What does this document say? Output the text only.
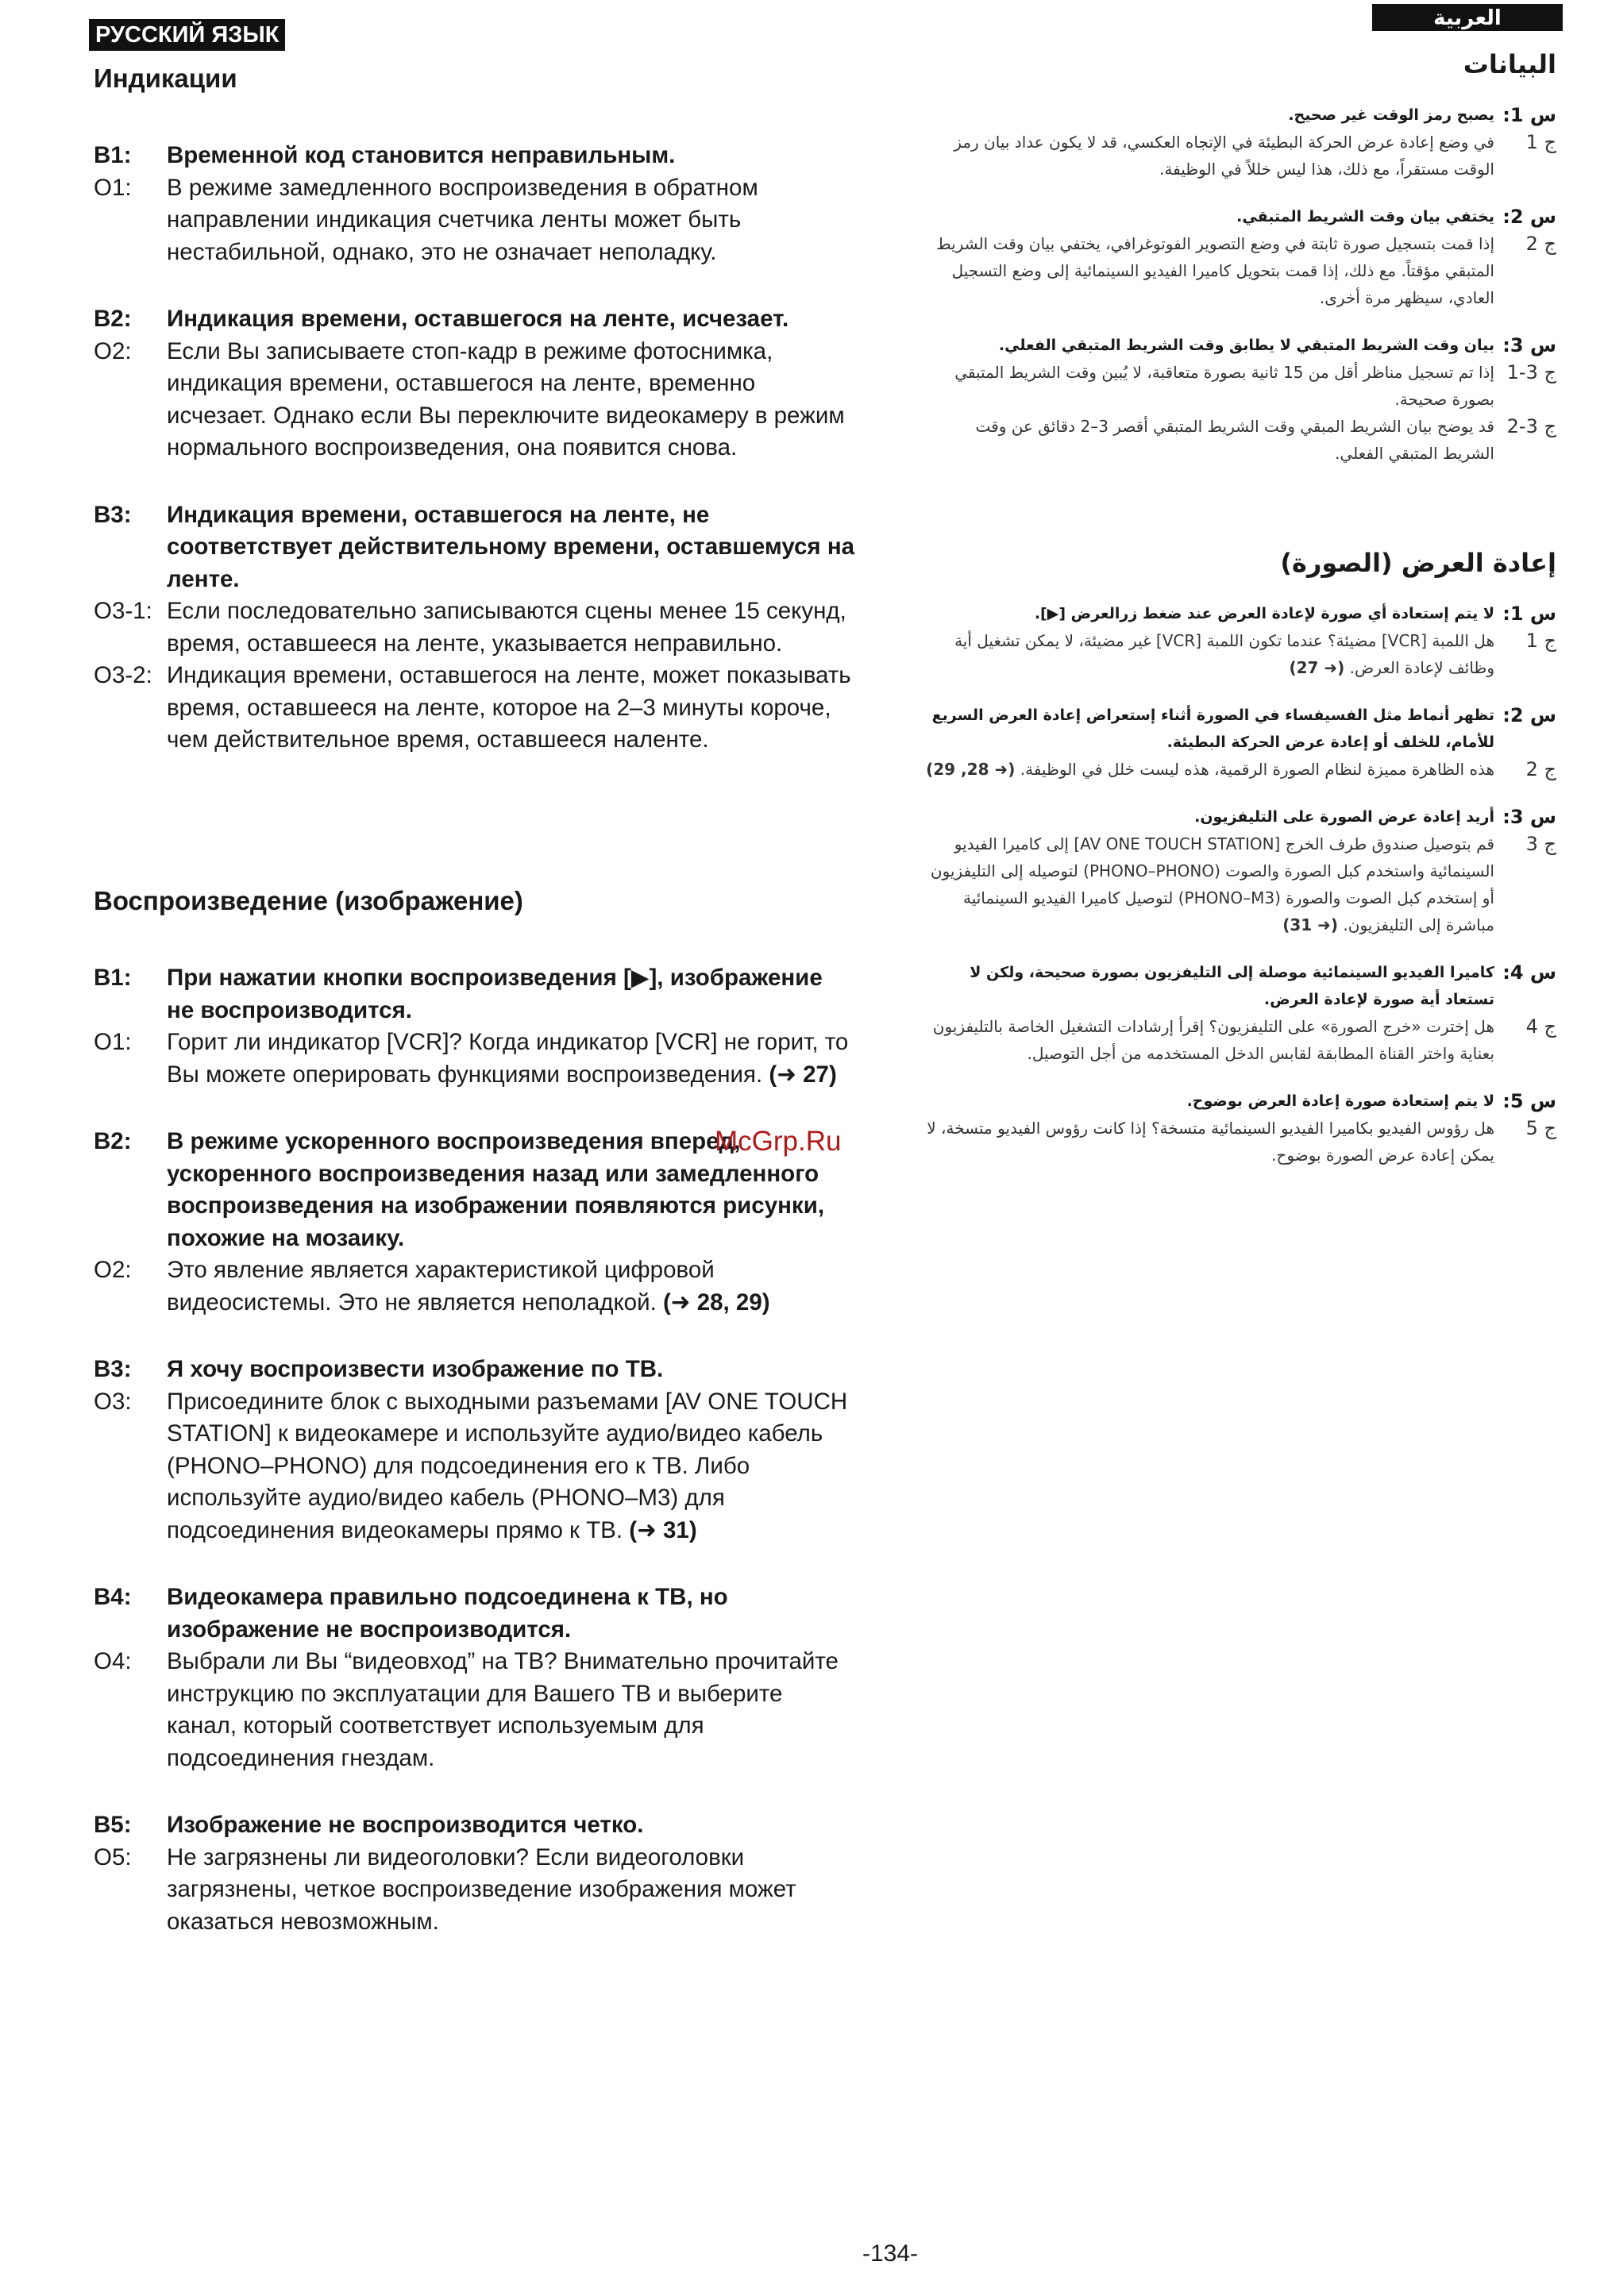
РУССКИЙ ЯЗЫК
العربية
Индикации
В1:	Временной код становится неправильным.
О1:	В режиме замедленного воспроизведения в обратном направлении индикация счетчика ленты может быть нестабильной, однако, это не означает неполадку.
В2:	Индикация времени, оставшегося на ленте, исчезает.
О2:	Если Вы записываете стоп-кадр в режиме фотоснимка, индикация времени, оставшегося на ленте, временно исчезает. Однако если Вы переключите видеокамеру в режим нормального воспроизведения, она появится снова.
В3:	Индикация времени, оставшегося на ленте, не соответствует действительному времени, оставшемуся на ленте.
О3-1: Если последовательно записываются сцены менее 15 секунд, время, оставшееся на ленте, указывается неправильно.
О3-2: Индикация времени, оставшегося на ленте, может показывать время, оставшееся на ленте, которое на 2–3 минуты короче, чем действительное время, оставшееся наленте.
Воспроизведение (изображение)
В1:	При нажатии кнопки воспроизведения [▶], изображение не воспроизводится.
О1:	Горит ли индикатор [VCR]? Когда индикатор [VCR] не горит, то Вы можете оперировать функциями воспроизведения. (➜ 27)
В2:	В режиме ускоренного воспроизведения вперед, ускоренного воспроизведения назад или замедленного воспроизведения на изображении появляются рисунки, похожие на мозаику.
О2:	Это явление является характеристикой цифровой видеосистемы. Это не является неполадкой. (➜ 28, 29)
В3:	Я хочу воспроизвести изображение по ТВ.
О3:	Присоедините блок с выходными разъемами [AV ONE TOUCH STATION] к видеокамере и используйте аудио/видео кабель (PHONO–PHONO) для подсоединения его к ТВ. Либо используйте аудио/видео кабель (PHONO–M3) для подсоединения видеокамеры прямо к ТВ. (➜ 31)
В4:	Видеокамера правильно подсоединена к ТВ, но изображение не воспроизводится.
О4:	Выбрали ли Вы “видеовход” на ТВ? Внимательно прочитайте инструкцию по эксплуатации для Вашего ТВ и выберите канал, который соответствует используемым для подсоединения гнездам.
В5:	Изображение не воспроизводится четко.
О5:	Не загрязнены ли видеоголовки? Если видеоголовки загрязнены, четкое воспроизведение изображения может оказаться невозможным.
البيانات
س 1:
يصبح رمز الوقت غير صحيح.
ج 1
في وضع إعادة عرض الحركة البطيئة في الإتجاه العكسي، قد لا يكون عداد بيان رمز الوقت مستقراً، مع ذلك، هذا ليس خللاً في الوظيفة.
س 2:
يختفي بيان وقت الشريط المتبقي.
ج 2
إذا قمت بتسجيل صورة ثابتة في وضع التصوير الفوتوغرافي، يختفي بيان وقت الشريط المتبقي مؤقتاً. مع ذلك، إذا قمت بتحويل كاميرا الفيديو السينمائية إلى وضع التسجيل العادي، سيظهر مرة أخرى.
س 3:
بيان وقت الشريط المتبقي لا يطابق وقت الشريط المتبقي الفعلي.
ج 3-1
إذا تم تسجيل مناظر أقل من 15 ثانية بصورة متعاقبة، لا يُبين وقت الشريط المتبقي بصورة صحيحة.
ج 3-2
قد يوضح بيان الشريط المبقي وقت الشريط المتبقي أقصر 3–2 دقائق عن وقت الشريط المتبقي الفعلي.
إعادة العرض (الصورة)
س 1:
لا يتم إستعادة أي صورة لإعادة العرض عند ضغط زرالعرض [▶].
ج 1
هل اللمبة [VCR] مضيئة؟ عندما تكون اللمبة [VCR] غير مضيئة، لا يمكن تشغيل أية وظائف لإعادة العرض. (➜ 27)
س 2:
تظهر أنماط مثل الفسيفساء في الصورة أثناء إستعراض إعادة العرض السريع للأمام، للخلف أو إعادة عرض الحركة البطيئة.
ج 2
هذه الظاهرة مميزة لنظام الصورة الرقمية، هذه ليست خلل في الوظيفة. (➜ 28, 29)
س 3:
أريد إعادة عرض الصورة على التليفزيون.
ج 3
قم بتوصيل صندوق طرف الخرج [AV ONE TOUCH STATION] إلى كاميرا الفيديو السينمائية واستخدم كبل الصورة والصوت (PHONO–PHONO) لتوصيله إلى التليفزيون أو إستخدم كبل الصوت والصورة (PHONO–M3) لتوصيل كاميرا الفيديو السينمائية مباشرة إلى التليفزيون. (➜ 31)
س 4:
كاميرا الفيديو السينمائية موصلة إلى التليفزيون بصورة صحيحة، ولكن لا تستعاد أية صورة لإعادة العرض.
ج 4
هل إخترت «خرج الصورة» على التليفزيون؟ إقرأ إرشادات التشغيل الخاصة بالتليفزيون بعناية واختر القناة المطابقة لقابس الدخل المستخدمه من أجل التوصيل.
س 5:
لا يتم إستعادة صورة إعادة العرض بوضوح.
ج 5
هل رؤوس الفيديو بكاميرا الفيديو السينمائية متسخة؟ إذا كانت رؤوس الفيديو متسخة، لا يمكن إعادة عرض الصورة بوضوح.
McGrp.Ru
-134-
